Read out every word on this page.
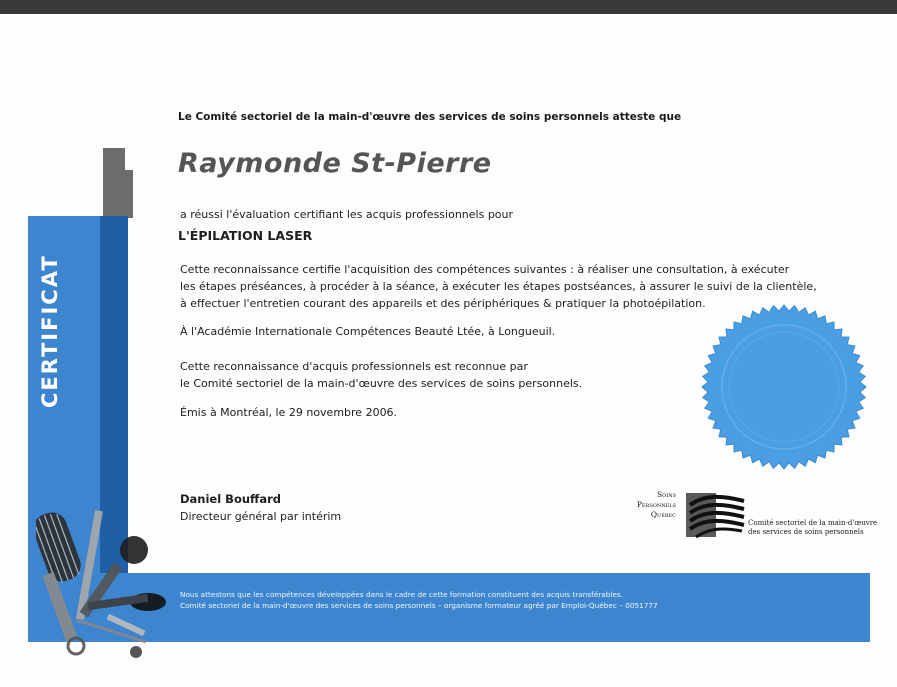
CERTIFICAT
Le Comité sectoriel de la main-d'œuvre des services de soins personnels atteste que
Raymonde St-Pierre
a réussi l'évaluation certifiant les acquis professionnels pour
L'ÉPILATION LASER
Cette reconnaissance certifie l'acquisition des compétences suivantes : à réaliser une consultation, à exécuter
les étapes préséances, à procéder à la séance, à exécuter les étapes postséances, à assurer le suivi de la clientèle,
à effectuer l'entretien courant des appareils et des périphériques & pratiquer la photoépilation.
À l'Académie Internationale Compétences Beauté Ltée, à Longueuil.
Cette reconnaissance d'acquis professionnels est reconnue par
le Comité sectoriel de la main-d'œuvre des services de soins personnels.
Émis à Montréal, le 29 novembre 2006.
Daniel Bouffard
Directeur général par intérim
Soins
Personnels
Québec
Comité sectoriel de la main-d'œuvre
des services de soins personnels
Nous attestons que les compétences développées dans le cadre de cette formation constituent des acquis transférables.
Comité sectoriel de la main-d'œuvre des services de soins personnels – organisme formateur agréé par Emploi-Québec – 0051777
